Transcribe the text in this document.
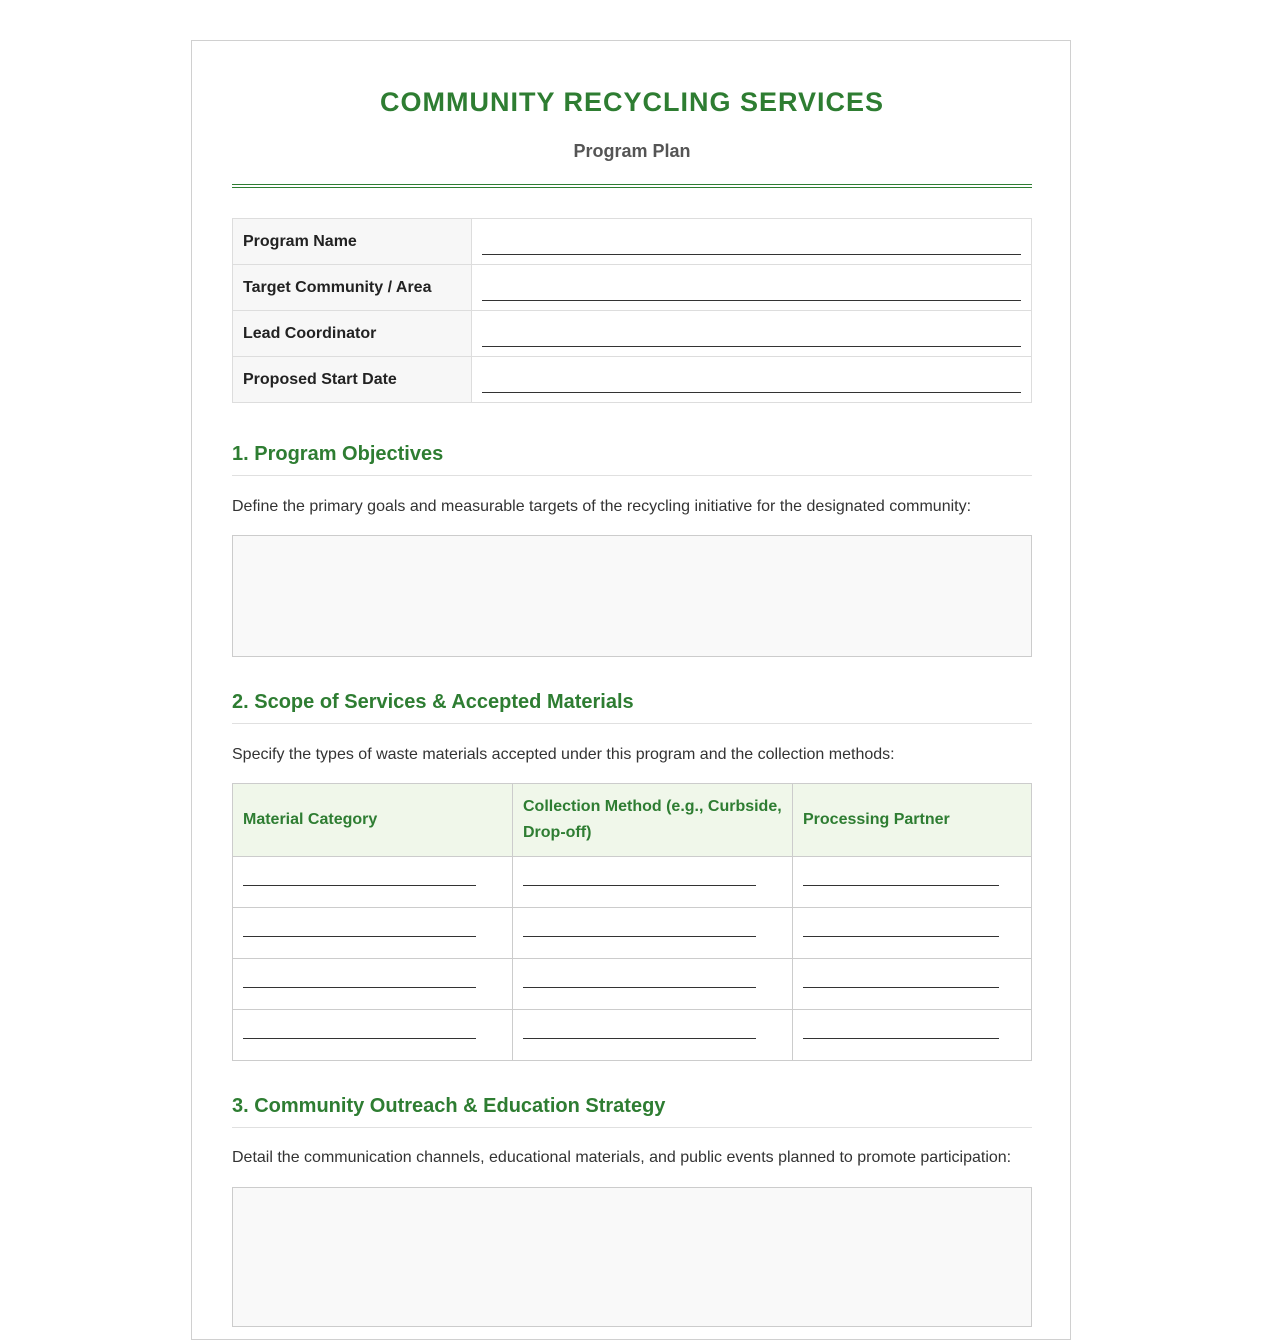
COMMUNITY RECYCLING SERVICES
Program Plan
Program Name	

Target Community / Area	

Lead Coordinator	

Proposed Start Date	
1. Program Objectives
Define the primary goals and measurable targets of the recycling initiative for the designated community:
2. Scope of Services & Accepted Materials
Specify the types of waste materials accepted under this program and the collection methods:
Material Category	Collection Method (e.g., Curbside, Drop-off)	Processing Partner

3. Community Outreach & Education Strategy
Detail the communication channels, educational materials, and public events planned to promote participation:
